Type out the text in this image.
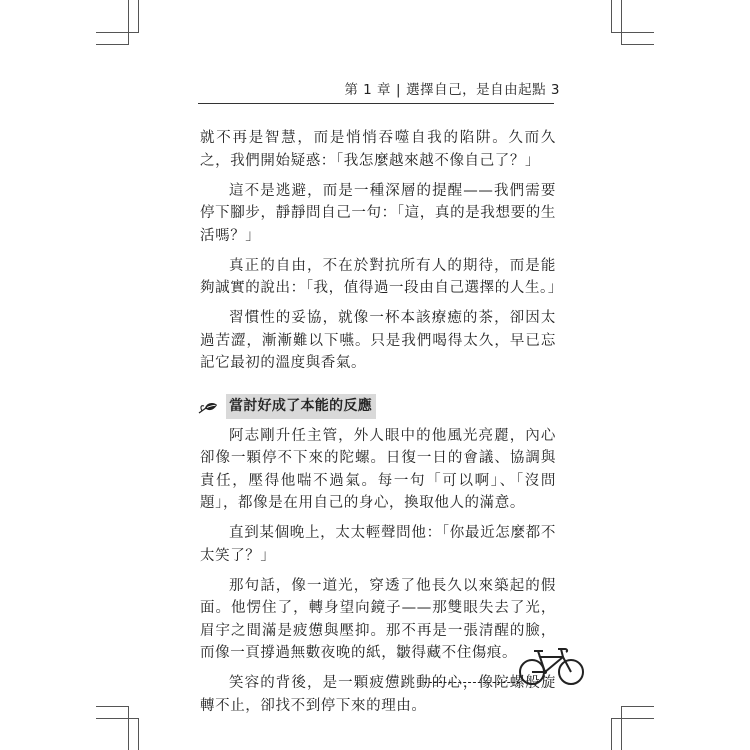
第 1 章 | 選擇自己，是自由起點 3

就不再是智慧，而是悄悄吞噬自我的陷阱。久而久之，我們開始疑惑：「我怎麼越來越不像自己了？」

這不是逃避，而是一種深層的提醒——我們需要停下腳步，靜靜問自己一句：「這，真的是我想要的生活嗎？」

真正的自由，不在於對抗所有人的期待，而是能夠誠實的說出：「我，值得過一段由自己選擇的人生。」

習慣性的妥協，就像一杯本該療癒的茶，卻因太過苦澀，漸漸難以下嚥。只是我們喝得太久，早已忘記它最初的溫度與香氣。

當討好成了本能的反應

阿志剛升任主管，外人眼中的他風光亮麗，內心卻像一顆停不下來的陀螺。日復一日的會議、協調與責任，壓得他喘不過氣。每一句「可以啊」、「沒問題」，都像是在用自己的身心，換取他人的滿意。

直到某個晚上，太太輕聲問他：「你最近怎麼都不太笑了？」

那句話，像一道光，穿透了他長久以來築起的假面。他愣住了，轉身望向鏡子——那雙眼失去了光，眉宇之間滿是疲憊與壓抑。那不再是一張清醒的臉，而像一頁撐過無數夜晚的紙，皺得藏不住傷痕。

笑容的背後，是一顆疲憊跳動的心，像陀螺般旋轉不止，卻找不到停下來的理由。
